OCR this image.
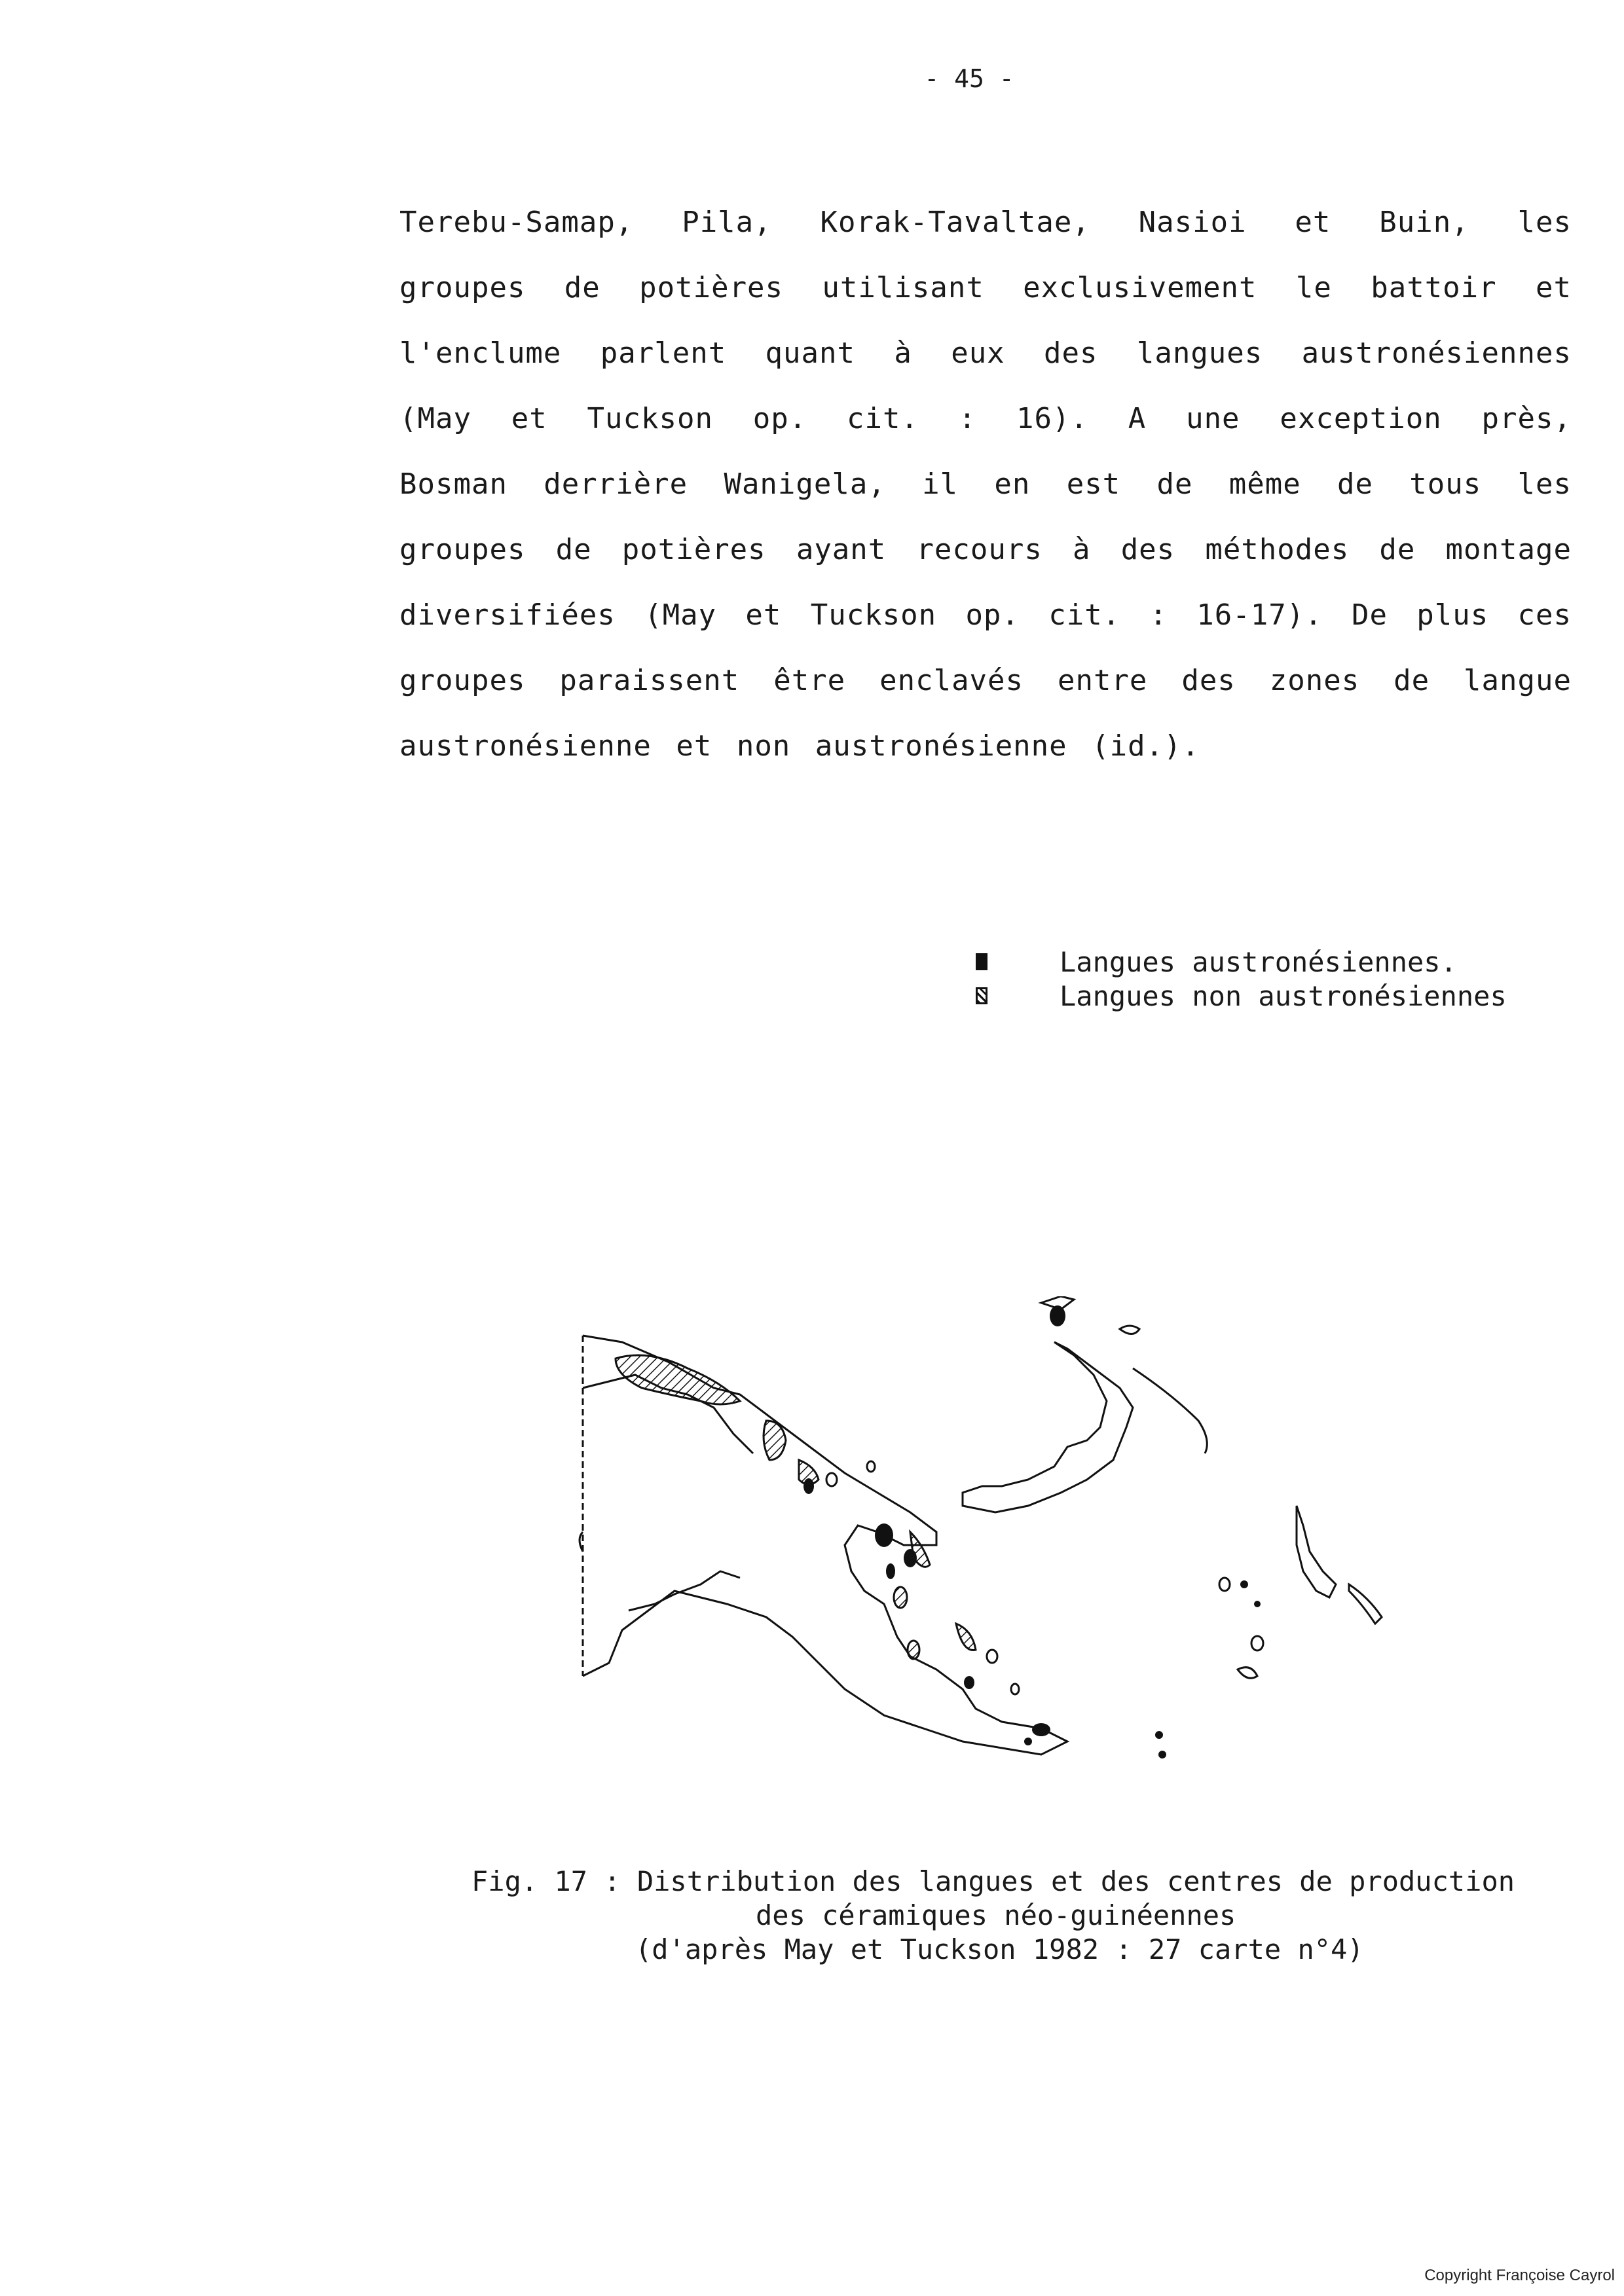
- 45 -
Terebu-Samap, Pila, Korak-Tavaltae, Nasioi et Buin, les
groupes de potières utilisant exclusivement le battoir et
l'enclume parlent quant à eux des langues austronésiennes
(May et Tuckson op. cit. : 16). A une exception près,
Bosman derrière Wanigela, il en est de même de tous les
groupes de potières ayant recours à des méthodes de montage
diversifiées (May et Tuckson op. cit. : 16-17). De plus ces
groupes paraissent être enclavés entre des zones de langue
austronésienne et non austronésienne (id.).
Langues austronésiennes.
Langues non austronésiennes
Fig. 17 : Distribution des langues et des centres de production
des céramiques néo-guinéennes
(d'après May et Tuckson 1982 : 27 carte n°4)
Copyright Françoise Cayrol
